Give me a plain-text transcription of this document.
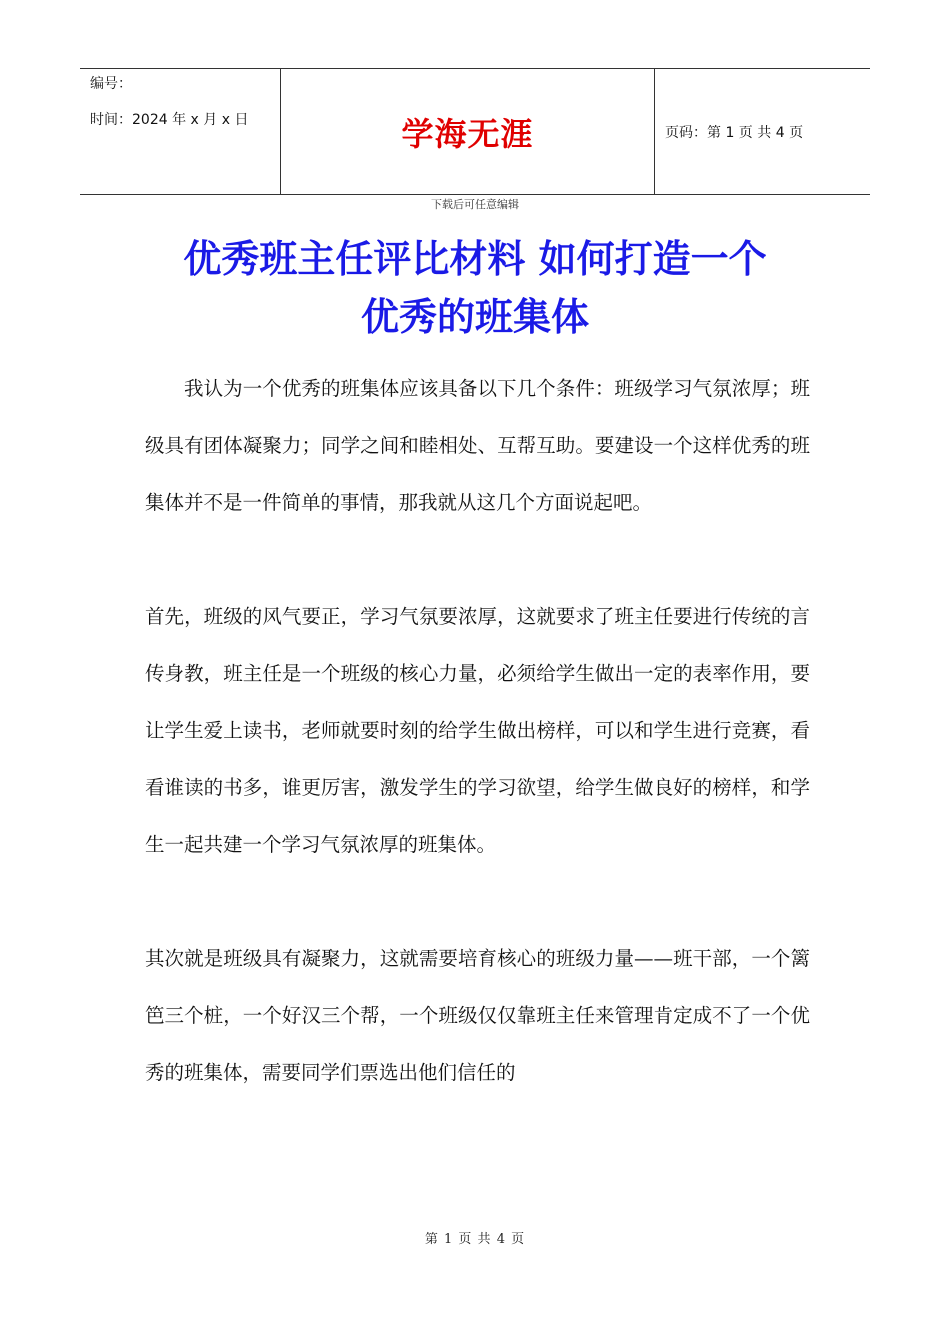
编号：
时间：2024 年 x 月 x 日	学海无涯	页码：第 1 页 共 4 页
下载后可任意编辑
优秀班主任评比材料 如何打造一个
优秀的班集体

我认为一个优秀的班集体应该具备以下几个条件：班级学习气氛浓厚；班级具有团体凝聚力；同学之间和睦相处、互帮互助。要建设一个这样优秀的班集体并不是一件简单的事情，那我就从这几个方面说起吧。

首先，班级的风气要正，学习气氛要浓厚，这就要求了班主任要进行传统的言传身教，班主任是一个班级的核心力量，必须给学生做出一定的表率作用，要让学生爱上读书，老师就要时刻的给学生做出榜样，可以和学生进行竞赛，看看谁读的书多，谁更厉害，激发学生的学习欲望，给学生做良好的榜样，和学生一起共建一个学习气氛浓厚的班集体。

其次就是班级具有凝聚力，这就需要培育核心的班级力量——班干部，一个篱笆三个桩，一个好汉三个帮，一个班级仅仅靠班主任来管理肯定成不了一个优秀的班集体，需要同学们票选出他们信任的

第 1 页 共 4 页
